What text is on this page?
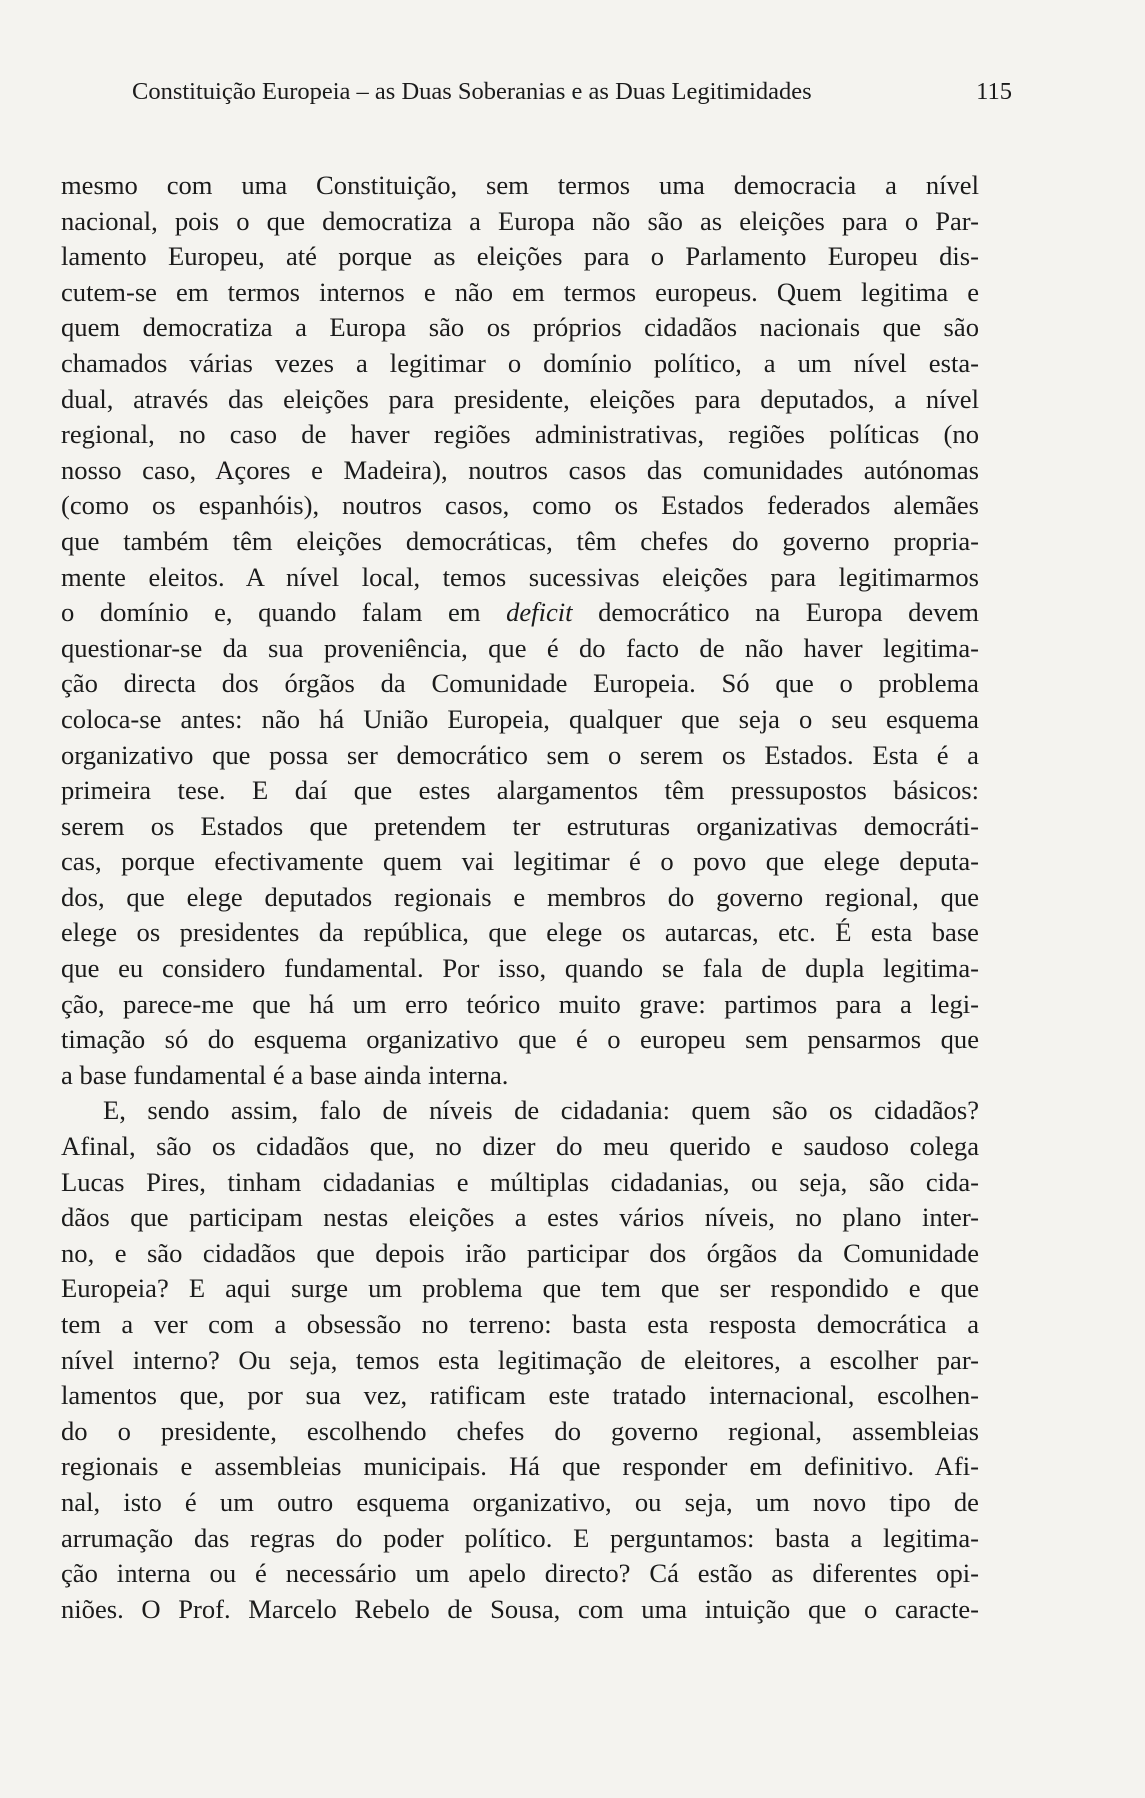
Constituição Europeia – as Duas Soberanias e as Duas Legitimidades	115
mesmo com uma Constituição, sem termos uma democracia a nível
nacional, pois o que democratiza a Europa não são as eleições para o Par-
lamento Europeu, até porque as eleições para o Parlamento Europeu dis-
cutem-se em termos internos e não em termos europeus. Quem legitima e
quem democratiza a Europa são os próprios cidadãos nacionais que são
chamados várias vezes a legitimar o domínio político, a um nível esta-
dual, através das eleições para presidente, eleições para deputados, a nível
regional, no caso de haver regiões administrativas, regiões políticas (no
nosso caso, Açores e Madeira), noutros casos das comunidades autónomas
(como os espanhóis), noutros casos, como os Estados federados alemães
que também têm eleições democráticas, têm chefes do governo propria-
mente eleitos. A nível local, temos sucessivas eleições para legitimarmos
o domínio e, quando falam em deficit democrático na Europa devem
questionar-se da sua proveniência, que é do facto de não haver legitima-
ção directa dos órgãos da Comunidade Europeia. Só que o problema
coloca-se antes: não há União Europeia, qualquer que seja o seu esquema
organizativo que possa ser democrático sem o serem os Estados. Esta é a
primeira tese. E daí que estes alargamentos têm pressupostos básicos:
serem os Estados que pretendem ter estruturas organizativas democráti-
cas, porque efectivamente quem vai legitimar é o povo que elege deputa-
dos, que elege deputados regionais e membros do governo regional, que
elege os presidentes da república, que elege os autarcas, etc. É esta base
que eu considero fundamental. Por isso, quando se fala de dupla legitima-
ção, parece-me que há um erro teórico muito grave: partimos para a legi-
timação só do esquema organizativo que é o europeu sem pensarmos que
a base fundamental é a base ainda interna.
E, sendo assim, falo de níveis de cidadania: quem são os cidadãos?
Afinal, são os cidadãos que, no dizer do meu querido e saudoso colega
Lucas Pires, tinham cidadanias e múltiplas cidadanias, ou seja, são cida-
dãos que participam nestas eleições a estes vários níveis, no plano inter-
no, e são cidadãos que depois irão participar dos órgãos da Comunidade
Europeia? E aqui surge um problema que tem que ser respondido e que
tem a ver com a obsessão no terreno: basta esta resposta democrática a
nível interno? Ou seja, temos esta legitimação de eleitores, a escolher par-
lamentos que, por sua vez, ratificam este tratado internacional, escolhen-
do o presidente, escolhendo chefes do governo regional, assembleias
regionais e assembleias municipais. Há que responder em definitivo. Afi-
nal, isto é um outro esquema organizativo, ou seja, um novo tipo de
arrumação das regras do poder político. E perguntamos: basta a legitima-
ção interna ou é necessário um apelo directo? Cá estão as diferentes opi-
niões. O Prof. Marcelo Rebelo de Sousa, com uma intuição que o caracte-
